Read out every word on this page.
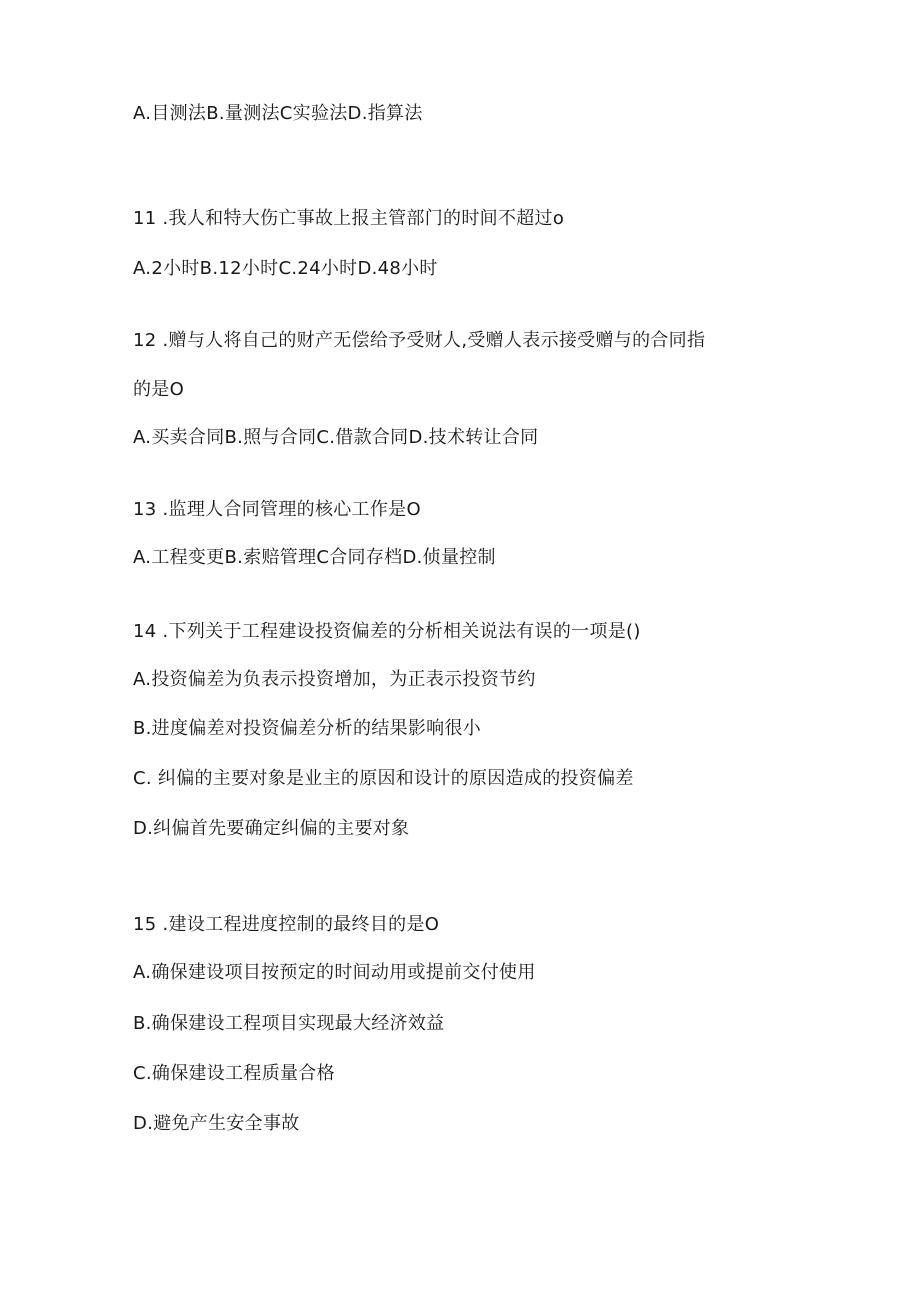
A.目测法B.量测法C实验法D.指算法
11 .我人和特大伤亡事故上报主管部门的时间不超过o
A.2小时B.12小时C.24小时D.48小时
12 .赠与人将自己的财产无偿给予受财人,受赠人表示接受赠与的合同指
的是O
A.买卖合同B.照与合同C.借款合同D.技术转让合同
13 .监理人合同管理的核心工作是O
A.工程变更B.索赔管理C合同存档D.侦量控制
14 .下列关于工程建设投资偏差的分析相关说法有误的一项是()
A.投资偏差为负表示投资增加，为正表示投资节约
B.进度偏差对投资偏差分析的结果影响很小
C. 纠偏的主要对象是业主的原因和设计的原因造成的投资偏差
D.纠偏首先要确定纠偏的主要对象
15 .建设工程进度控制的最终目的是O
A.确保建设项目按预定的时间动用或提前交付使用
B.确保建设工程项目实现最大经济效益
C.确保建设工程质量合格
D.避免产生安全事故
